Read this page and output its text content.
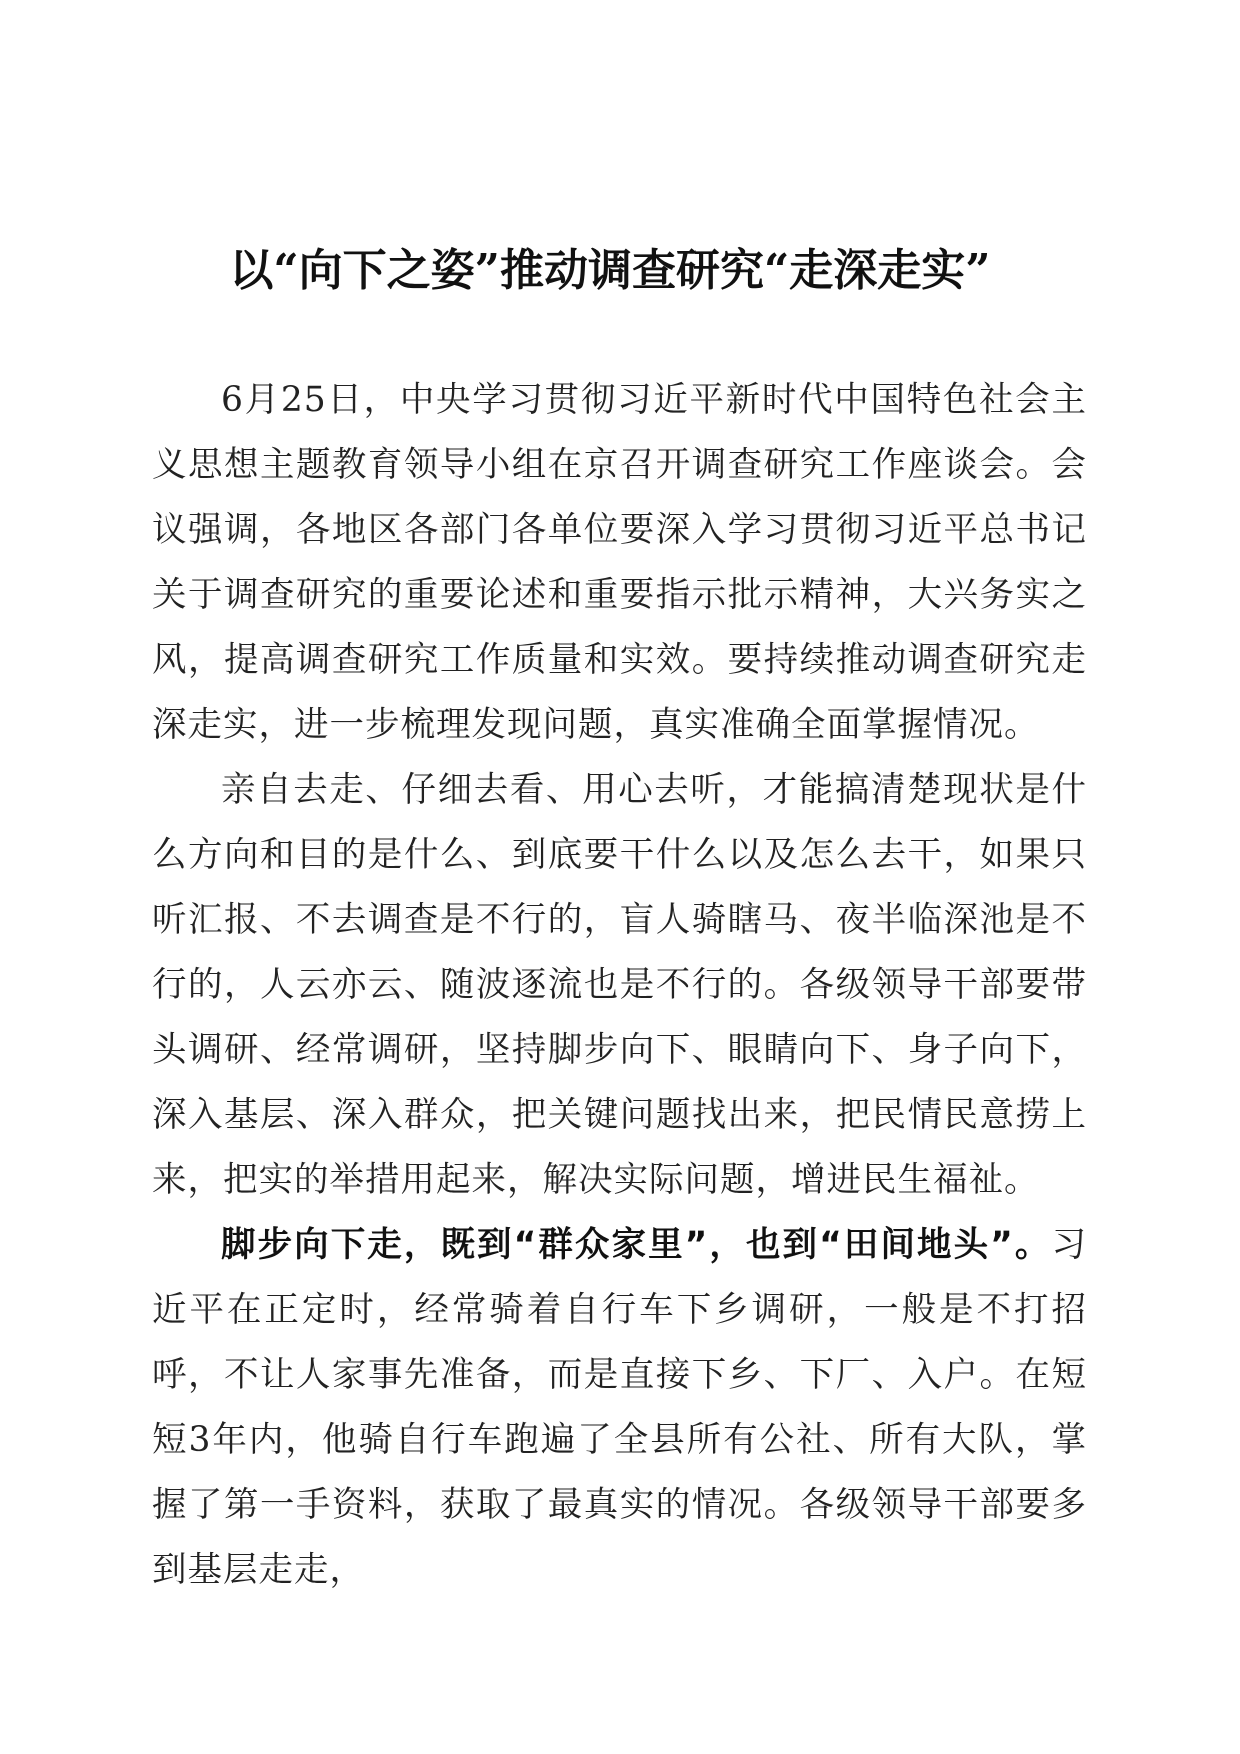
以“向下之姿”推动调查研究“走深走实”

6月25日，中央学习贯彻习近平新时代中国特色社会主义思想主题教育领导小组在京召开调查研究工作座谈会。会议强调，各地区各部门各单位要深入学习贯彻习近平总书记关于调查研究的重要论述和重要指示批示精神，大兴务实之风，提高调查研究工作质量和实效。要持续推动调查研究走深走实，进一步梳理发现问题，真实准确全面掌握情况。

亲自去走、仔细去看、用心去听，才能搞清楚现状是什么方向和目的是什么、到底要干什么以及怎么去干，如果只听汇报、不去调查是不行的，盲人骑瞎马、夜半临深池是不行的，人云亦云、随波逐流也是不行的。各级领导干部要带头调研、经常调研，坚持脚步向下、眼睛向下、身子向下，深入基层、深入群众，把关键问题找出来，把民情民意捞上来，把实的举措用起来，解决实际问题，增进民生福祉。

脚步向下走，既到“群众家里”，也到“田间地头”。习近平在正定时，经常骑着自行车下乡调研，一般是不打招呼，不让人家事先准备，而是直接下乡、下厂、入户。在短短3年内，他骑自行车跑遍了全县所有公社、所有大队，掌握了第一手资料，获取了最真实的情况。各级领导干部要多到基层走走，
